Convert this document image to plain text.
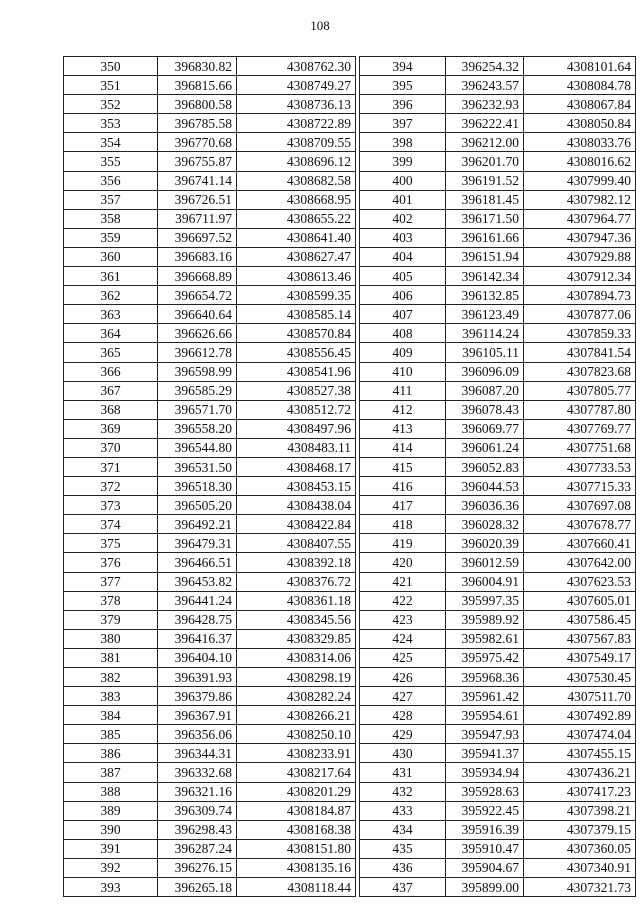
108
350	396830.82	4308762.30
351	396815.66	4308749.27
352	396800.58	4308736.13
353	396785.58	4308722.89
354	396770.68	4308709.55
355	396755.87	4308696.12
356	396741.14	4308682.58
357	396726.51	4308668.95
358	396711.97	4308655.22
359	396697.52	4308641.40
360	396683.16	4308627.47
361	396668.89	4308613.46
362	396654.72	4308599.35
363	396640.64	4308585.14
364	396626.66	4308570.84
365	396612.78	4308556.45
366	396598.99	4308541.96
367	396585.29	4308527.38
368	396571.70	4308512.72
369	396558.20	4308497.96
370	396544.80	4308483.11
371	396531.50	4308468.17
372	396518.30	4308453.15
373	396505.20	4308438.04
374	396492.21	4308422.84
375	396479.31	4308407.55
376	396466.51	4308392.18
377	396453.82	4308376.72
378	396441.24	4308361.18
379	396428.75	4308345.56
380	396416.37	4308329.85
381	396404.10	4308314.06
382	396391.93	4308298.19
383	396379.86	4308282.24
384	396367.91	4308266.21
385	396356.06	4308250.10
386	396344.31	4308233.91
387	396332.68	4308217.64
388	396321.16	4308201.29
389	396309.74	4308184.87
390	396298.43	4308168.38
391	396287.24	4308151.80
392	396276.15	4308135.16
393	396265.18	4308118.44
394	396254.32	4308101.64
395	396243.57	4308084.78
396	396232.93	4308067.84
397	396222.41	4308050.84
398	396212.00	4308033.76
399	396201.70	4308016.62
400	396191.52	4307999.40
401	396181.45	4307982.12
402	396171.50	4307964.77
403	396161.66	4307947.36
404	396151.94	4307929.88
405	396142.34	4307912.34
406	396132.85	4307894.73
407	396123.49	4307877.06
408	396114.24	4307859.33
409	396105.11	4307841.54
410	396096.09	4307823.68
411	396087.20	4307805.77
412	396078.43	4307787.80
413	396069.77	4307769.77
414	396061.24	4307751.68
415	396052.83	4307733.53
416	396044.53	4307715.33
417	396036.36	4307697.08
418	396028.32	4307678.77
419	396020.39	4307660.41
420	396012.59	4307642.00
421	396004.91	4307623.53
422	395997.35	4307605.01
423	395989.92	4307586.45
424	395982.61	4307567.83
425	395975.42	4307549.17
426	395968.36	4307530.45
427	395961.42	4307511.70
428	395954.61	4307492.89
429	395947.93	4307474.04
430	395941.37	4307455.15
431	395934.94	4307436.21
432	395928.63	4307417.23
433	395922.45	4307398.21
434	395916.39	4307379.15
435	395910.47	4307360.05
436	395904.67	4307340.91
437	395899.00	4307321.73
